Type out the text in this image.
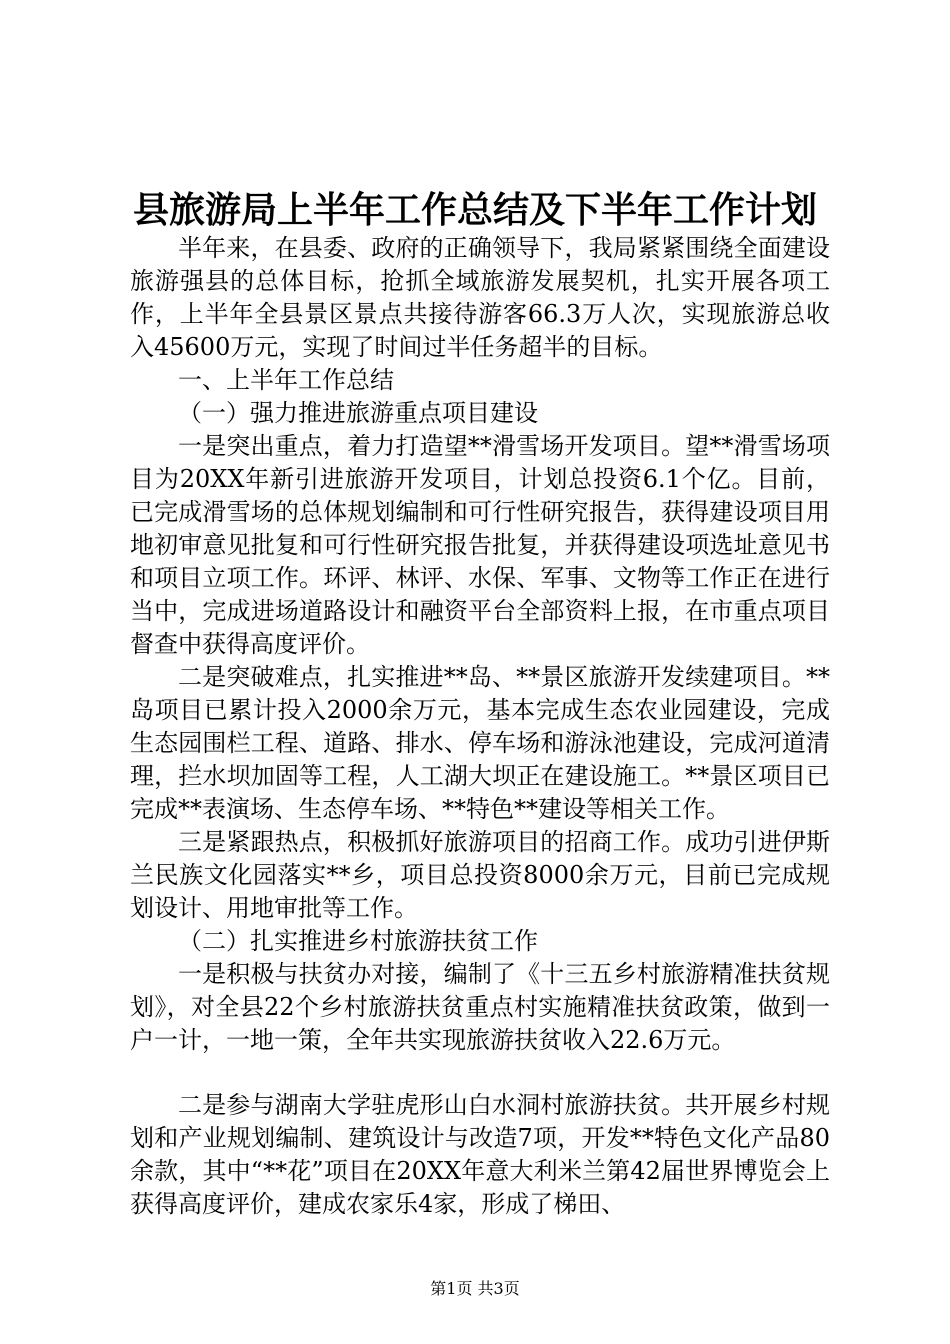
县旅游局上半年工作总结及下半年工作计划

半年来，在县委、政府的正确领导下，我局紧紧围绕全面建设旅游强县的总体目标，抢抓全域旅游发展契机，扎实开展各项工作，上半年全县景区景点共接待游客66.3万人次，实现旅游总收入45600万元，实现了时间过半任务超半的目标。

一、上半年工作总结

（一）强力推进旅游重点项目建设

一是突出重点，着力打造望**滑雪场开发项目。望**滑雪场项目为20XX年新引进旅游开发项目，计划总投资6.1个亿。目前，已完成滑雪场的总体规划编制和可行性研究报告，获得建设项目用地初审意见批复和可行性研究报告批复，并获得建设项选址意见书和项目立项工作。环评、林评、水保、军事、文物等工作正在进行当中，完成进场道路设计和融资平台全部资料上报，在市重点项目督查中获得高度评价。

二是突破难点，扎实推进**岛、**景区旅游开发续建项目。**岛项目已累计投入2000余万元，基本完成生态农业园建设，完成生态园围栏工程、道路、排水、停车场和游泳池建设，完成河道清理，拦水坝加固等工程，人工湖大坝正在建设施工。**景区项目已完成**表演场、生态停车场、**特色**建设等相关工作。

三是紧跟热点，积极抓好旅游项目的招商工作。成功引进伊斯兰民族文化园落实**乡，项目总投资8000余万元，目前已完成规划设计、用地审批等工作。

（二）扎实推进乡村旅游扶贫工作

一是积极与扶贫办对接，编制了《十三五乡村旅游精准扶贫规划》，对全县22个乡村旅游扶贫重点村实施精准扶贫政策，做到一户一计，一地一策，全年共实现旅游扶贫收入22.6万元。

二是参与湖南大学驻虎形山白水洞村旅游扶贫。共开展乡村规划和产业规划编制、建筑设计与改造7项，开发**特色文化产品80余款，其中“**花”项目在20XX年意大利米兰第42届世界博览会上获得高度评价，建成农家乐4家，形成了梯田、

第1页 共3页
